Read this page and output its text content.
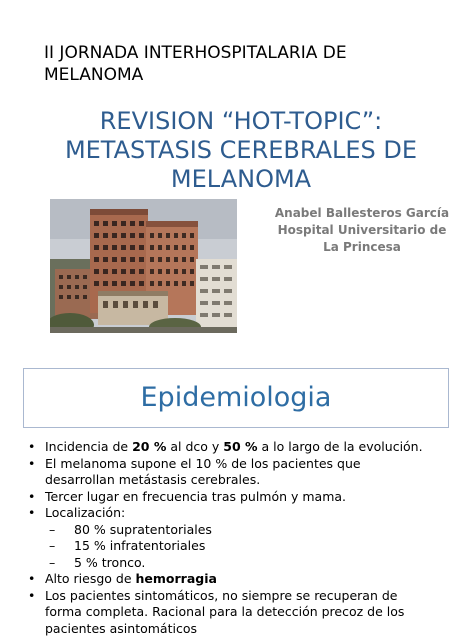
II JORNADA INTERHOSPITALARIA DE
MELANOMA
REVISION “HOT-TOPIC”:
METASTASIS CEREBRALES DE
MELANOMA
Anabel Ballesteros García
Hospital Universitario de
La Princesa
Epidemiologia
• Incidencia de 20 % al dco y 50 % a lo largo de la evolución.
• El melanoma supone el 10 % de los pacientes que
desarrollan metástasis cerebrales.
• Tercer lugar en frecuencia tras pulmón y mama.
• Localización:
– 80 % supratentoriales
– 15 % infratentoriales
– 5 % tronco.
• Alto riesgo de hemorragia
• Los pacientes sintomáticos, no siempre se recuperan de
forma completa. Racional para la detección precoz de los
pacientes asintomáticos
